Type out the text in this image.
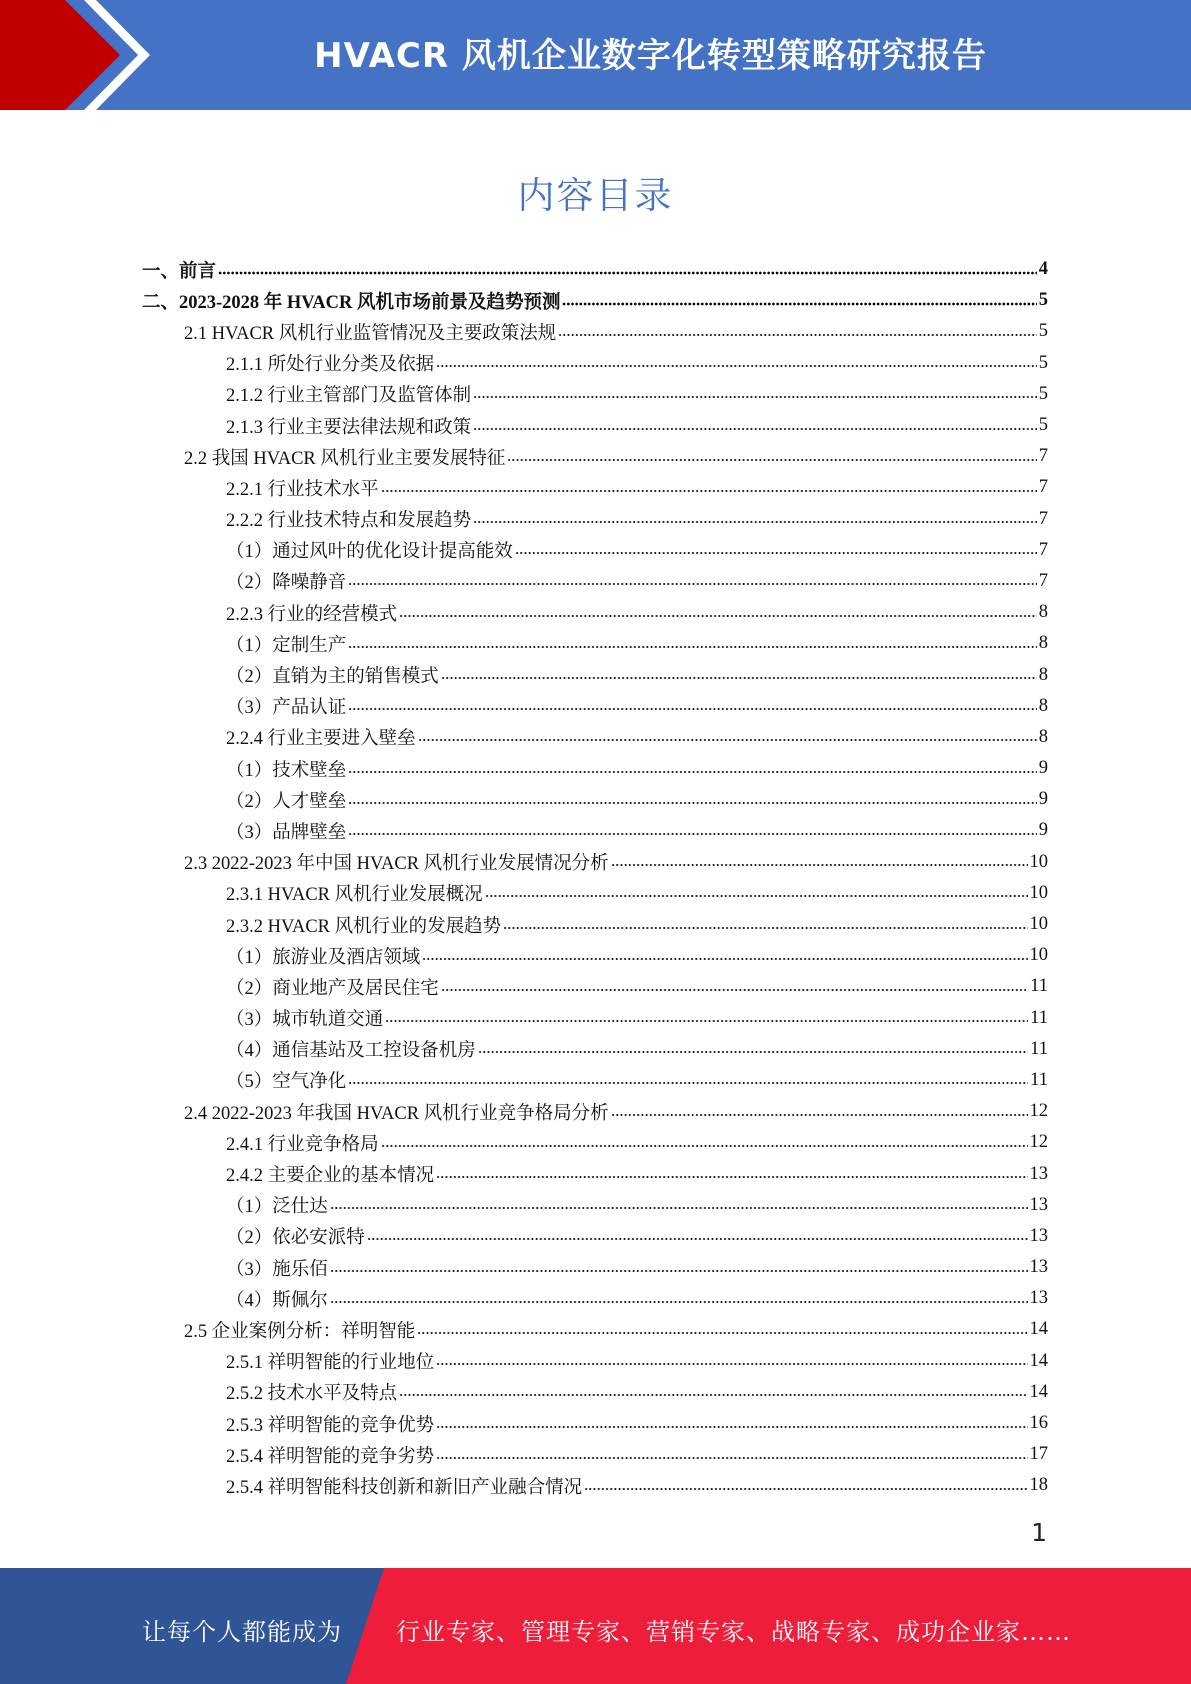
HVACR 风机企业数字化转型策略研究报告
内容目录
一、前言	4
二、2023-2028 年 HVACR 风机市场前景及趋势预测	5
2.1 HVACR 风机行业监管情况及主要政策法规	5
2.1.1 所处行业分类及依据	5
2.1.2 行业主管部门及监管体制	5
2.1.3 行业主要法律法规和政策	5
2.2 我国 HVACR 风机行业主要发展特征	7
2.2.1 行业技术水平	7
2.2.2 行业技术特点和发展趋势	7
（1）通过风叶的优化设计提高能效	7
（2）降噪静音	7
2.2.3 行业的经营模式	8
（1）定制生产	8
（2）直销为主的销售模式	8
（3）产品认证	8
2.2.4 行业主要进入壁垒	8
（1）技术壁垒	9
（2）人才壁垒	9
（3）品牌壁垒	9
2.3 2022-2023 年中国 HVACR 风机行业发展情况分析	10
2.3.1 HVACR 风机行业发展概况	10
2.3.2 HVACR 风机行业的发展趋势	10
（1）旅游业及酒店领域	10
（2）商业地产及居民住宅	11
（3）城市轨道交通	11
（4）通信基站及工控设备机房	11
（5）空气净化	11
2.4 2022-2023 年我国 HVACR 风机行业竞争格局分析	12
2.4.1 行业竞争格局	12
2.4.2 主要企业的基本情况	13
（1）泛仕达	13
（2）依必安派特	13
（3）施乐佰	13
（4）斯佩尔	13
2.5 企业案例分析：祥明智能	14
2.5.1 祥明智能的行业地位	14
2.5.2 技术水平及特点	14
2.5.3 祥明智能的竞争优势	16
2.5.4 祥明智能的竞争劣势	17
2.5.4 祥明智能科技创新和新旧产业融合情况	18
1
让每个人都能成为 行业专家、管理专家、营销专家、战略专家、成功企业家……
